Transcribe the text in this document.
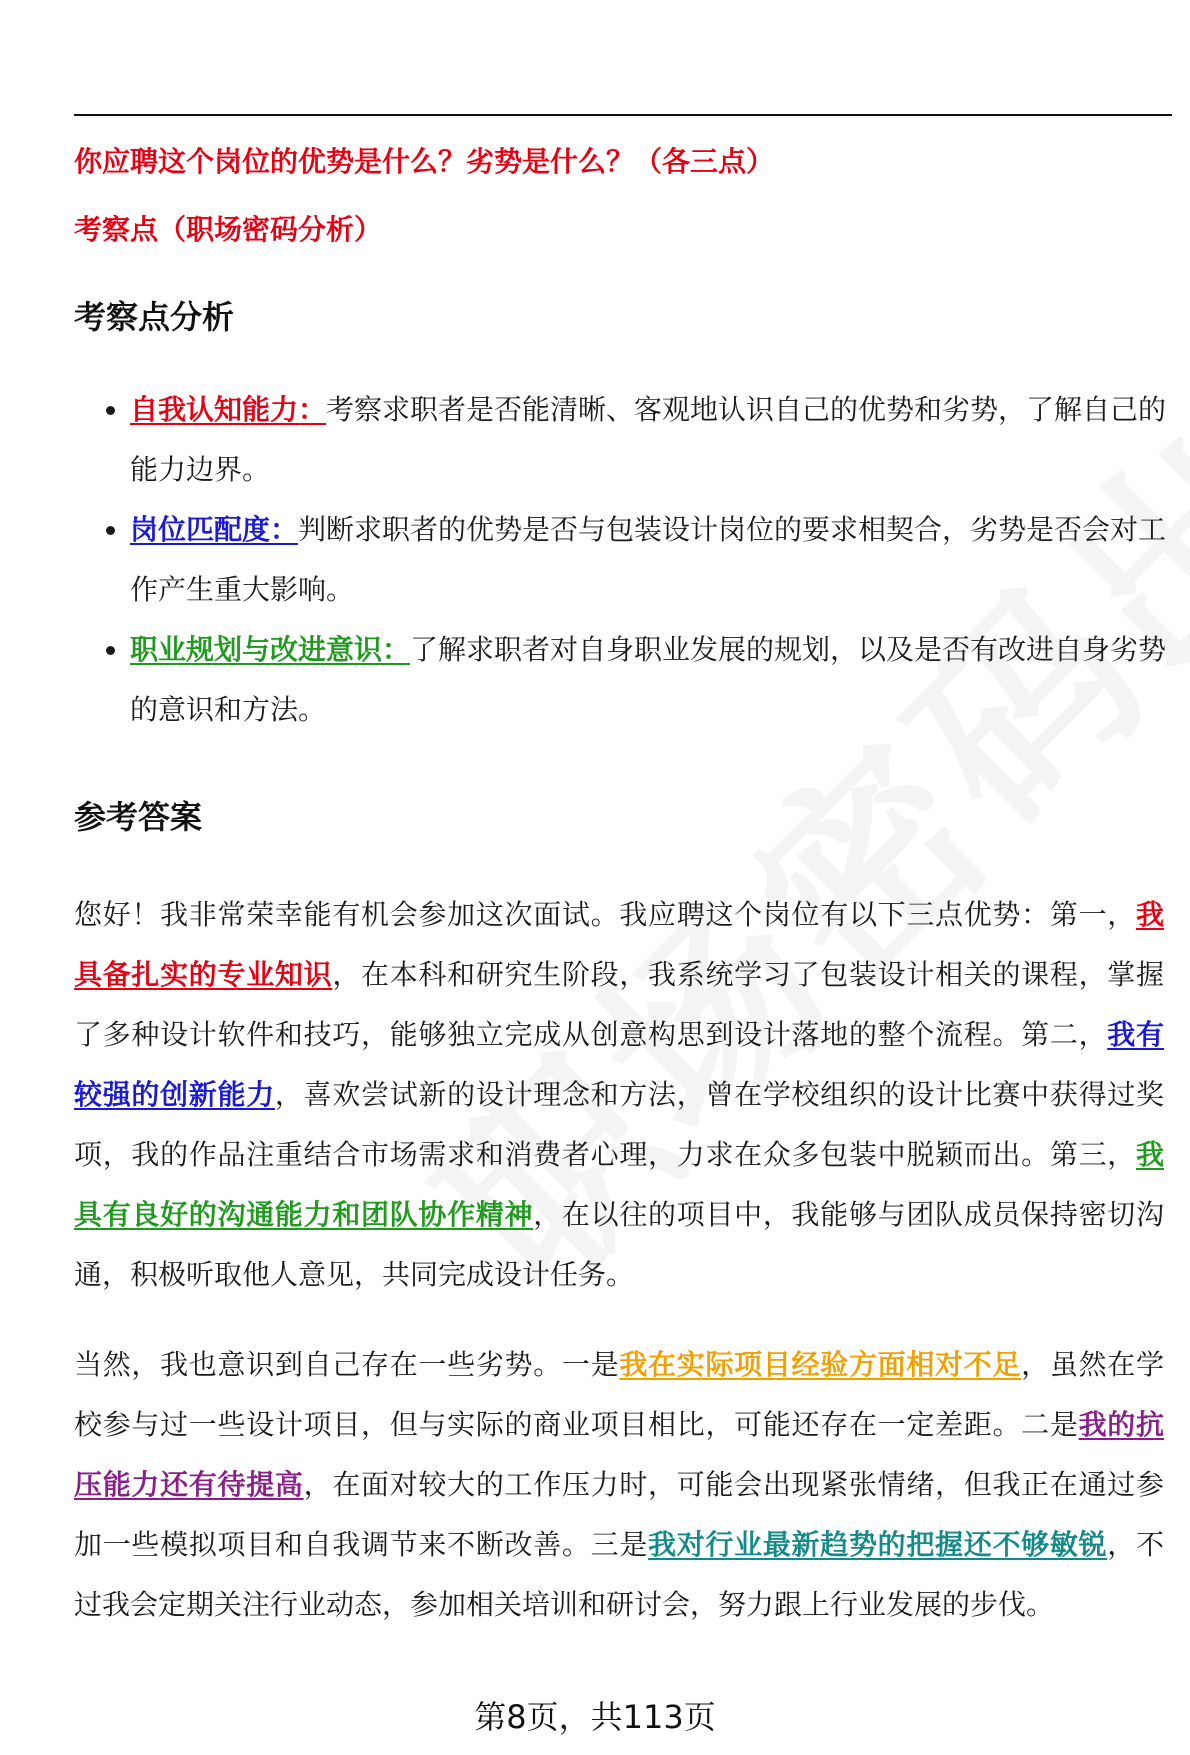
你应聘这个岗位的优势是什么？劣势是什么？（各三点）
考察点（职场密码分析）
考察点分析
• 自我认知能力：考察求职者是否能清晰、客观地认识自己的优势和劣势，了解自己的能力边界。
• 岗位匹配度：判断求职者的优势是否与包装设计岗位的要求相契合，劣势是否会对工作产生重大影响。
• 职业规划与改进意识：了解求职者对自身职业发展的规划，以及是否有改进自身劣势的意识和方法。
参考答案

您好！我非常荣幸能有机会参加这次面试。我应聘这个岗位有以下三点优势：第一，我具备扎实的专业知识，在本科和研究生阶段，我系统学习了包装设计相关的课程，掌握了多种设计软件和技巧，能够独立完成从创意构思到设计落地的整个流程。第二，我有较强的创新能力，喜欢尝试新的设计理念和方法，曾在学校组织的设计比赛中获得过奖项，我的作品注重结合市场需求和消费者心理，力求在众多包装中脱颖而出。第三，我具有良好的沟通能力和团队协作精神，在以往的项目中，我能够与团队成员保持密切沟通，积极听取他人意见，共同完成设计任务。

当然，我也意识到自己存在一些劣势。一是我在实际项目经验方面相对不足，虽然在学校参与过一些设计项目，但与实际的商业项目相比，可能还存在一定差距。二是我的抗压能力还有待提高，在面对较大的工作压力时，可能会出现紧张情绪，但我正在通过参加一些模拟项目和自我调节来不断改善。三是我对行业最新趋势的把握还不够敏锐，不过我会定期关注行业动态，参加相关培训和研讨会，努力跟上行业发展的步伐。

第8页，共113页
